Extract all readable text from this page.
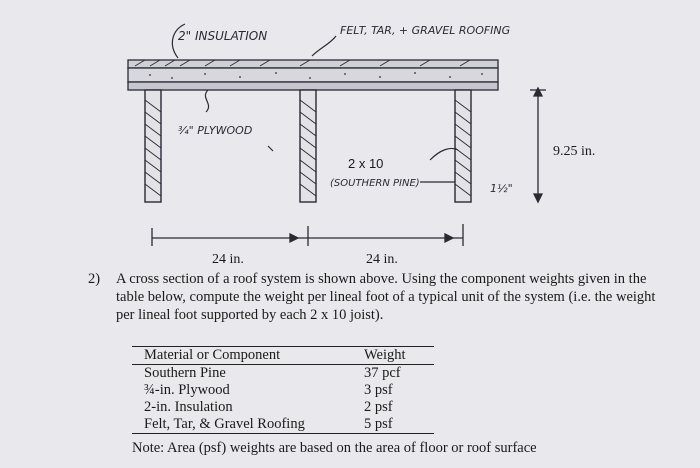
2" INSULATION	FELT, TAR, + GRAVEL ROOFING
¾" PLYWOOD
(SOUTHERN PINE)	1½"
2 x 10
9.25 in.
24 in.	24 in.
2) A cross section of a roof system is shown above. Using the component weights given in the table below, compute the weight per lineal foot of a typical unit of the system (i.e. the weight per lineal foot supported by each 2 x 10 joist).
Material or Component	Weight
Southern Pine	37 pcf
¾-in. Plywood	3 psf
2-in. Insulation	2 psf
Felt, Tar, & Gravel Roofing	5 psf
Note: Area (psf) weights are based on the area of floor or roof surface
